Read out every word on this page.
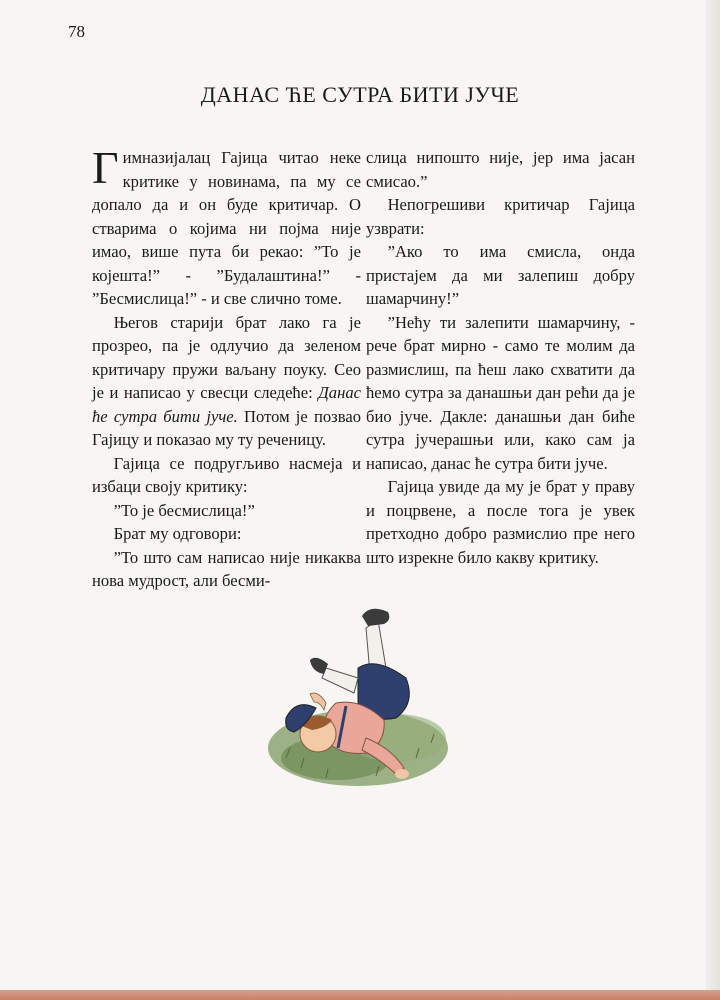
78
ДАНАС ЋЕ СУТРА БИТИ ЈУЧЕ

Гимназијалац Гајица читао неке критике у новинама, па му се допало да и он буде критичар. О стварима о којима ни појма није имао, више пута би рекао: ”То је којешта!” - ”Будалаштина!” - ”Бесмислица!” - и све слично томе.

Његов старији брат лако га је прозрео, па је одлучио да зеленом критичару пружи ваљану поуку. Сео је и написао у свесци следеће: Данас ће сутра бити јуче. Потом је позвао Гајицу и показао му ту реченицу.

Гајица се подругљиво насмеја и избаци своју критику:

”То је бесмислица!”

Брат му одговори:

”То што сам написао није никаква нова мудрост, али бесми-

слица нипошто није, јер има јасан смисао.”

Непогрешиви критичар Гајица узврати:

”Ако то има смисла, онда пристајем да ми залепиш добру шамарчину!”

”Нећу ти залепити шамарчину, - рече брат мирно - само те молим да размислиш, па ћеш лако схватити да ћемо сутра за данашњи дан рећи да је био јуче. Дакле: данашњи дан биће сутра јучерашњи или, како сам ја написао, данас ће сутра бити јуче.

Гајица увиде да му је брат у праву и поцрвене, а после тога је увек претходно добро размислио пре него што изрекне било какву критику.
